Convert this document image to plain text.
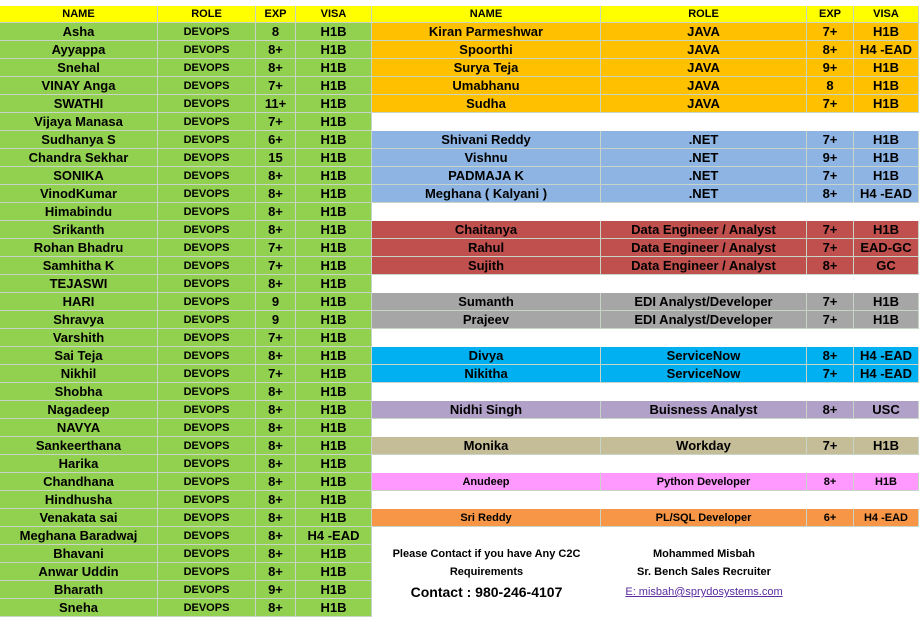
NAME	ROLE	EXP	VISA	NAME	ROLE	EXP	VISA
Asha	DEVOPS	8	H1B
Ayyappa	DEVOPS	8+	H1B
Snehal	DEVOPS	8+	H1B
VINAY Anga	DEVOPS	7+	H1B
SWATHI	DEVOPS	11+	H1B
Vijaya Manasa	DEVOPS	7+	H1B
Sudhanya S	DEVOPS	6+	H1B
Chandra Sekhar	DEVOPS	15	H1B
SONIKA	DEVOPS	8+	H1B
VinodKumar	DEVOPS	8+	H1B
Himabindu	DEVOPS	8+	H1B
Srikanth	DEVOPS	8+	H1B
Rohan Bhadru	DEVOPS	7+	H1B
Samhitha K	DEVOPS	7+	H1B
TEJASWI	DEVOPS	8+	H1B
HARI	DEVOPS	9	H1B
Shravya	DEVOPS	9	H1B
Varshith	DEVOPS	7+	H1B
Sai Teja	DEVOPS	8+	H1B
Nikhil	DEVOPS	7+	H1B
Shobha	DEVOPS	8+	H1B
Nagadeep	DEVOPS	8+	H1B
NAVYA	DEVOPS	8+	H1B
Sankeerthana	DEVOPS	8+	H1B
Harika	DEVOPS	8+	H1B
Chandhana	DEVOPS	8+	H1B
Hindhusha	DEVOPS	8+	H1B
Venakata sai	DEVOPS	8+	H1B
Meghana Baradwaj	DEVOPS	8+	H4 -EAD
Bhavani	DEVOPS	8+	H1B
Anwar Uddin	DEVOPS	8+	H1B
Bharath	DEVOPS	9+	H1B
Sneha	DEVOPS	8+	H1B
Kiran Parmeshwar	JAVA	7+	H1B
Spoorthi	JAVA	8+	H4 -EAD
Surya Teja	JAVA	9+	H1B
Umabhanu	JAVA	8	H1B
Sudha	JAVA	7+	H1B
Shivani Reddy	.NET	7+	H1B
Vishnu	.NET	9+	H1B
PADMAJA K	.NET	7+	H1B
Meghana ( Kalyani )	.NET	8+	H4 -EAD
Chaitanya	Data Engineer / Analyst	7+	H1B
Rahul	Data Engineer / Analyst	7+	EAD-GC
Sujith	Data Engineer / Analyst	8+	GC
Sumanth	EDI Analyst/Developer	7+	H1B
Prajeev	EDI Analyst/Developer	7+	H1B
Divya	ServiceNow	8+	H4 -EAD
Nikitha	ServiceNow	7+	H4 -EAD
Nidhi Singh	Buisness Analyst	8+	USC
Monika	Workday	7+	H1B
Anudeep	Python Developer	8+	H1B
Sri Reddy	PL/SQL Developer	6+	H4 -EAD
Please Contact if you have Any C2C
Requirements
Contact : 980-246-4107
Mohammed Misbah
Sr. Bench Sales Recruiter
E: misbah@sprydosystems.com
